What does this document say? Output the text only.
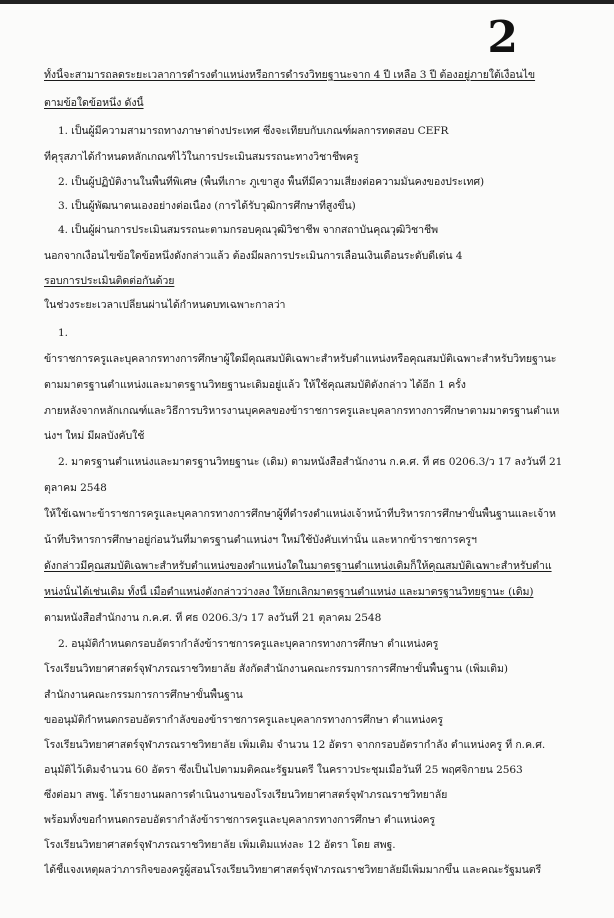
2
ทั้งนี้จะสามารถลดระยะเวลาการดำรงตำแหน่งหรือการดำรงวิทยฐานะจาก 4 ปี เหลือ 3 ปี ต้องอยู่ภายใต้เงื่อนไข
ตามข้อใดข้อหนึ่ง ดังนี้
1. เป็นผู้มีความสามารถทางภาษาต่างประเทศ ซึ่งจะเทียบกับเกณฑ์ผลการทดสอบ CEFR
ที่คุรุสภาได้กำหนดหลักเกณฑ์ไว้ในการประเมินสมรรถนะทางวิชาชีพครู
2. เป็นผู้ปฏิบัติงานในพื้นที่พิเศษ (พื้นที่เกาะ ภูเขาสูง พื้นที่มีความเสี่ยงต่อความมั่นคงของประเทศ)
3. เป็นผู้พัฒนาตนเองอย่างต่อเนื่อง (การได้รับวุฒิการศึกษาที่สูงขึ้น)
4. เป็นผู้ผ่านการประเมินสมรรถนะตามกรอบคุณวุฒิวิชาชีพ จากสถาบันคุณวุฒิวิชาชีพ
นอกจากเงื่อนไขข้อใดข้อหนึ่งดังกล่าวแล้ว ต้องมีผลการประเมินการเลื่อนเงินเดือนระดับดีเด่น 4
รอบการประเมินติดต่อกันด้วย
ในช่วงระยะเวลาเปลี่ยนผ่านได้กำหนดบทเฉพาะกาลว่า
1.
ข้าราชการครูและบุคลากรทางการศึกษาผู้ใดมีคุณสมบัติเฉพาะสำหรับตำแหน่งหรือคุณสมบัติเฉพาะสำหรับวิทยฐานะ
ตามมาตรฐานตำแหน่งและมาตรฐานวิทยฐานะเดิมอยู่แล้ว ให้ใช้คุณสมบัติดังกล่าว ได้อีก 1 ครั้ง
ภายหลังจากหลักเกณฑ์และวิธีการบริหารงานบุคคลของข้าราชการครูและบุคลากรทางการศึกษาตามมาตรฐานตำแห
น่งฯ ใหม่ มีผลบังคับใช้
2. มาตรฐานตำแหน่งและมาตรฐานวิทยฐานะ (เดิม) ตามหนังสือสำนักงาน ก.ค.ศ. ที่ ศธ 0206.3/ว 17 ลงวันที่ 21
ตุลาคม 2548
ให้ใช้เฉพาะข้าราชการครูและบุคลากรทางการศึกษาผู้ที่ดำรงตำแหน่งเจ้าหน้าที่บริหารการศึกษาขั้นพื้นฐานและเจ้าห
น้าที่บริหารการศึกษาอยู่ก่อนวันที่มาตรฐานตำแหน่งฯ ใหม่ใช้บังคับเท่านั้น และหากข้าราชการครูฯ
ดังกล่าวมีคุณสมบัติเฉพาะสำหรับตำแหน่งของตำแหน่งใดในมาตรฐานตำแหน่งเดิมก็ให้คุณสมบัติเฉพาะสำหรับตำแ
หน่งนั้นได้เช่นเดิม ทั้งนี้ เมื่อตำแหน่งดังกล่าวว่างลง ให้ยกเลิกมาตรฐานตำแหน่ง และมาตรฐานวิทยฐานะ (เดิม)
ตามหนังสือสำนักงาน ก.ค.ศ. ที่ ศธ 0206.3/ว 17 ลงวันที่ 21 ตุลาคม 2548
2. อนุมัติกำหนดกรอบอัตรากำลังข้าราชการครูและบุคลากรทางการศึกษา ตำแหน่งครู
โรงเรียนวิทยาศาสตร์จุฬาภรณราชวิทยาลัย สังกัดสำนักงานคณะกรรมการการศึกษาขั้นพื้นฐาน (เพิ่มเติม)
สำนักงานคณะกรรมการการศึกษาขั้นพื้นฐาน
ขออนุมัติกำหนดกรอบอัตรากำลังของข้าราชการครูและบุคลากรทางการศึกษา ตำแหน่งครู
โรงเรียนวิทยาศาสตร์จุฬาภรณราชวิทยาลัย เพิ่มเติม จำนวน 12 อัตรา จากกรอบอัตรากำลัง ตำแหน่งครู ที่ ก.ค.ศ.
อนุมัติไว้เดิมจำนวน 60 อัตรา ซึ่งเป็นไปตามมติคณะรัฐมนตรี ในคราวประชุมเมื่อวันที่ 25 พฤศจิกายน 2563
ซึ่งต่อมา สพฐ. ได้รายงานผลการดำเนินงานของโรงเรียนวิทยาศาสตร์จุฬาภรณราชวิทยาลัย
พร้อมทั้งขอกำหนดกรอบอัตรากำลังข้าราชการครูและบุคลากรทางการศึกษา ตำแหน่งครู
โรงเรียนวิทยาศาสตร์จุฬาภรณราชวิทยาลัย เพิ่มเติมแห่งละ 12 อัตรา โดย สพฐ.
ได้ชี้แจงเหตุผลว่าภารกิจของครูผู้สอนโรงเรียนวิทยาศาสตร์จุฬาภรณราชวิทยาลัยมีเพิ่มมากขึ้น และคณะรัฐมนตรี
